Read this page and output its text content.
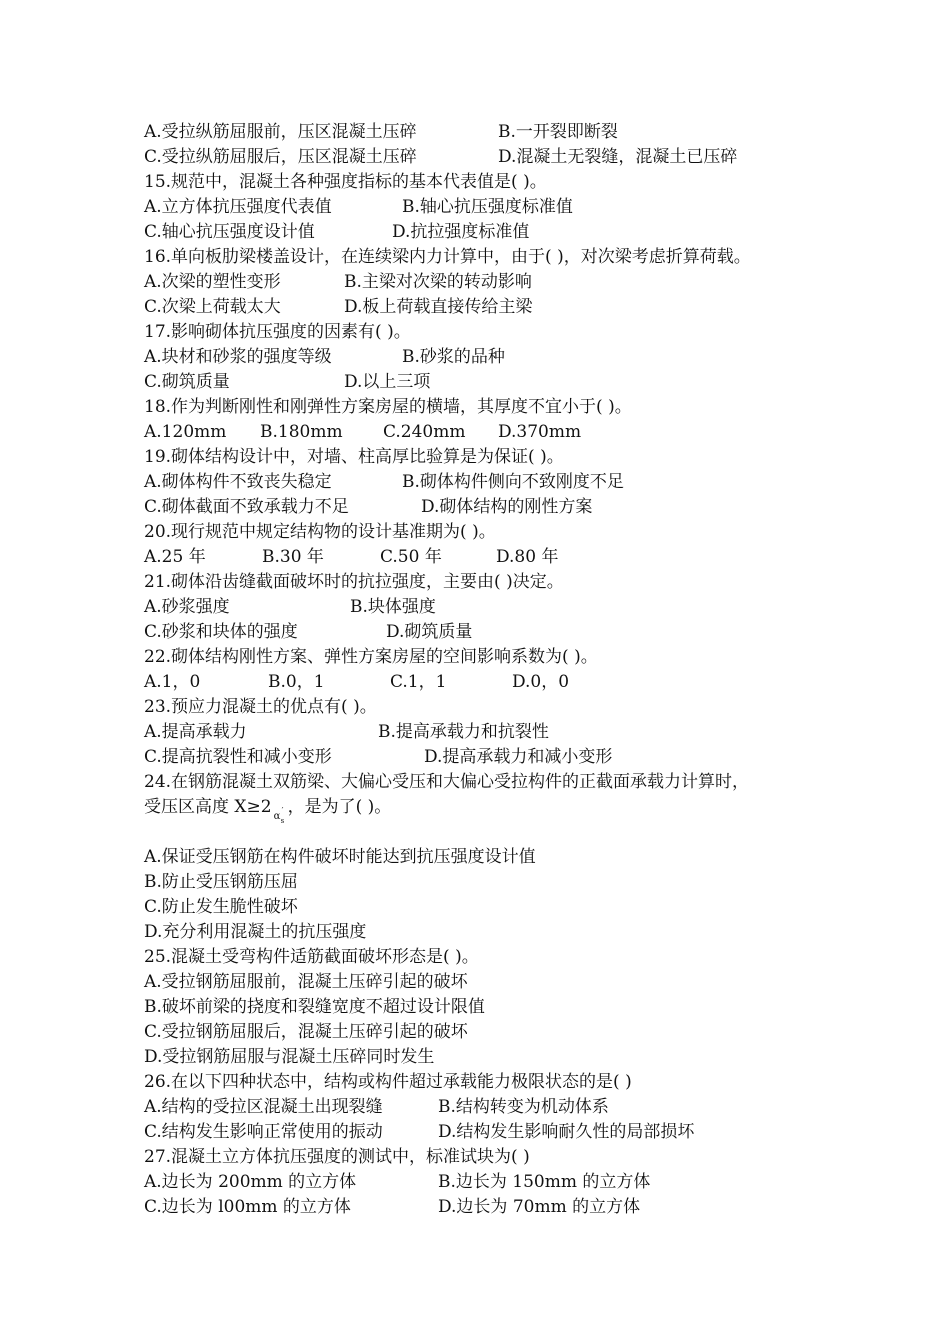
A.受拉纵筋屈服前，压区混凝土压碎	B.一开裂即断裂
C.受拉纵筋屈服后，压区混凝土压碎	D.混凝土无裂缝，混凝土已压碎
15.规范中，混凝土各种强度指标的基本代表值是( )。
A.立方体抗压强度代表值	B.轴心抗压强度标准值
C.轴心抗压强度设计值	D.抗拉强度标准值
16.单向板肋梁楼盖设计，在连续梁内力计算中，由于( )，对次梁考虑折算荷载。
A.次梁的塑性变形	B.主梁对次梁的转动影响
C.次梁上荷载太大	D.板上荷载直接传给主梁
17.影响砌体抗压强度的因素有( )。
A.块材和砂浆的强度等级	B.砂浆的品种
C.砌筑质量	D.以上三项
18.作为判断刚性和刚弹性方案房屋的横墙，其厚度不宜小于( )。
A.120mm B.180mm C.240mm D.370mm
19.砌体结构设计中，对墙、柱高厚比验算是为保证( )。
A.砌体构件不致丧失稳定	B.砌体构件侧向不致刚度不足
C.砌体截面不致承载力不足	D.砌体结构的刚性方案
20.现行规范中规定结构物的设计基准期为( )。
A.25 年	B.30 年	C.50 年	D.80 年
21.砌体沿齿缝截面破坏时的抗拉强度，主要由( )决定。
A.砂浆强度	B.块体强度
C.砂浆和块体的强度	D.砌筑质量
22.砌体结构刚性方案、弹性方案房屋的空间影响系数为( )。
A.1，0	B.0，1	C.1，1	D.0，0
23.预应力混凝土的优点有( )。
A.提高承载力	B.提高承载力和抗裂性
C.提高抗裂性和减小变形	D.提高承载力和减小变形
24.在钢筋混凝土双筋梁、大偏心受压和大偏心受拉构件的正截面承载力计算时，
受压区高度 X≥2 α s
′ ，是为了( )。
A.保证受压钢筋在构件破坏时能达到抗压强度设计值
B.防止受压钢筋压屈
C.防止发生脆性破坏
D.充分利用混凝土的抗压强度
25.混凝土受弯构件适筋截面破坏形态是( )。
A.受拉钢筋屈服前，混凝土压碎引起的破坏
B.破坏前梁的挠度和裂缝宽度不超过设计限值
C.受拉钢筋屈服后，混凝土压碎引起的破坏
D.受拉钢筋屈服与混凝土压碎同时发生
26.在以下四种状态中，结构或构件超过承载能力极限状态的是( )
A.结构的受拉区混凝土出现裂缝	B.结构转变为机动体系
C.结构发生影响正常使用的振动	D.结构发生影响耐久性的局部损坏
27.混凝土立方体抗压强度的测试中，标准试块为( )
A.边长为 200mm 的立方体	B.边长为 150mm 的立方体
C.边长为 l00mm 的立方体	D.边长为 70mm 的立方体
